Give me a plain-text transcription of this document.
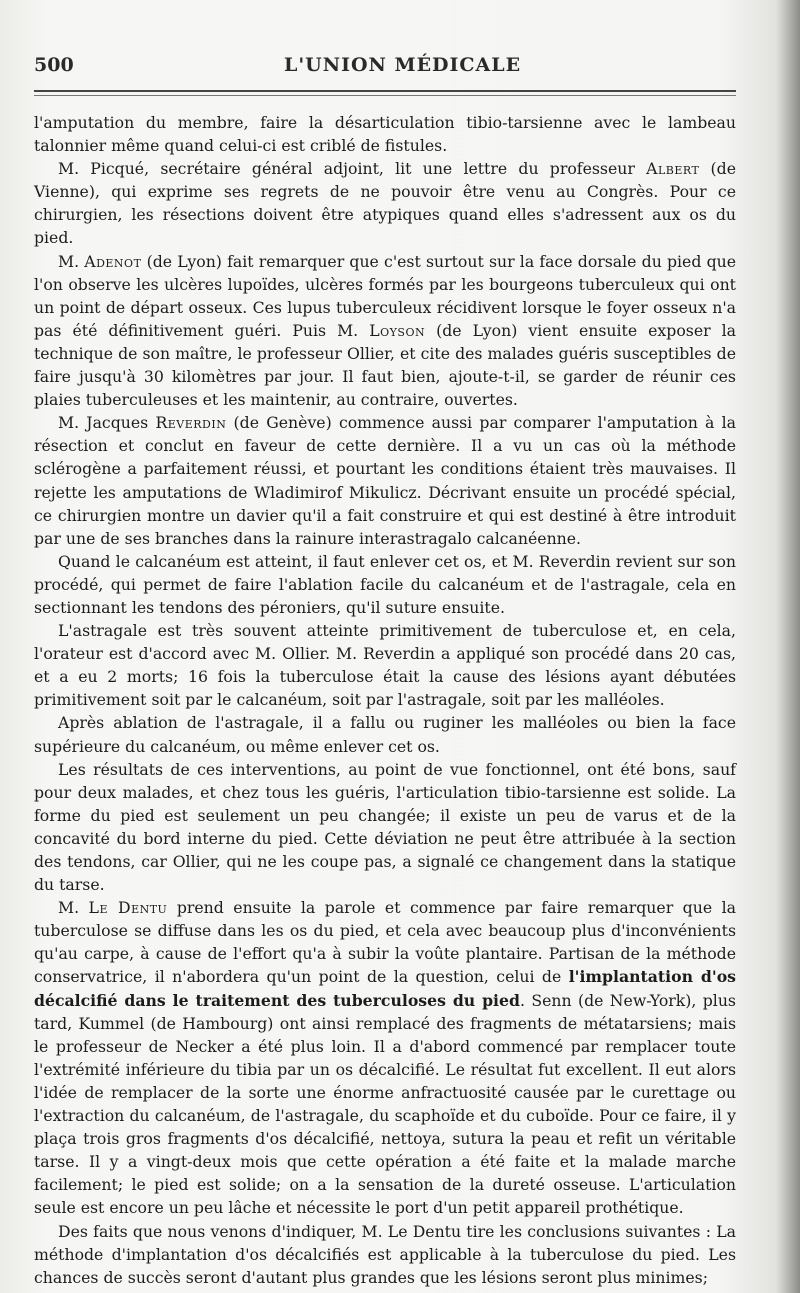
500	L'UNION MÉDICALE

l'amputation du membre, faire la désarticulation tibio-tarsienne avec le lambeau talonnier même quand celui-ci est criblé de fistules.

M. Picqué, secrétaire général adjoint, lit une lettre du professeur Albert (de Vienne), qui exprime ses regrets de ne pouvoir être venu au Congrès. Pour ce chirurgien, les résections doivent être atypiques quand elles s'adressent aux os du pied.

M. Adenot (de Lyon) fait remarquer que c'est surtout sur la face dorsale du pied que l'on observe les ulcères lupoïdes, ulcères formés par les bourgeons tuberculeux qui ont un point de départ osseux. Ces lupus tuberculeux récidivent lorsque le foyer osseux n'a pas été définitivement guéri. Puis M. Loyson (de Lyon) vient ensuite exposer la technique de son maître, le professeur Ollier, et cite des malades guéris susceptibles de faire jusqu'à 30 kilomètres par jour. Il faut bien, ajoute-t-il, se garder de réunir ces plaies tuberculeuses et les maintenir, au contraire, ouvertes.

M. Jacques Reverdin (de Genève) commence aussi par comparer l'amputation à la résection et conclut en faveur de cette dernière. Il a vu un cas où la méthode sclérogène a parfaitement réussi, et pourtant les conditions étaient très mauvaises. Il rejette les amputations de Wladimirof Mikulicz. Décrivant ensuite un procédé spécial, ce chirurgien montre un davier qu'il a fait construire et qui est destiné à être introduit par une de ses branches dans la rainure interastragalo calcanéenne.

Quand le calcanéum est atteint, il faut enlever cet os, et M. Reverdin revient sur son procédé, qui permet de faire l'ablation facile du calcanéum et de l'astragale, cela en sectionnant les tendons des péroniers, qu'il suture ensuite.

L'astragale est très souvent atteinte primitivement de tuberculose et, en cela, l'orateur est d'accord avec M. Ollier. M. Reverdin a appliqué son procédé dans 20 cas, et a eu 2 morts; 16 fois la tuberculose était la cause des lésions ayant débutées primitivement soit par le calcanéum, soit par l'astragale, soit par les malléoles.

Après ablation de l'astragale, il a fallu ou ruginer les malléoles ou bien la face supérieure du calcanéum, ou même enlever cet os.

Les résultats de ces interventions, au point de vue fonctionnel, ont été bons, sauf pour deux malades, et chez tous les guéris, l'articulation tibio-tarsienne est solide. La forme du pied est seulement un peu changée; il existe un peu de varus et de la concavité du bord interne du pied. Cette déviation ne peut être attribuée à la section des tendons, car Ollier, qui ne les coupe pas, a signalé ce changement dans la statique du tarse.

M. Le Dentu prend ensuite la parole et commence par faire remarquer que la tuberculose se diffuse dans les os du pied, et cela avec beaucoup plus d'inconvénients qu'au carpe, à cause de l'effort qu'a à subir la voûte plantaire. Partisan de la méthode conservatrice, il n'abordera qu'un point de la question, celui de l'implantation d'os décalcifié dans le traitement des tuberculoses du pied. Senn (de New-York), plus tard, Kummel (de Hambourg) ont ainsi remplacé des fragments de métatarsiens; mais le professeur de Necker a été plus loin. Il a d'abord commencé par remplacer toute l'extrémité inférieure du tibia par un os décalcifié. Le résultat fut excellent. Il eut alors l'idée de remplacer de la sorte une énorme anfractuosité causée par le curettage ou l'extraction du calcanéum, de l'astragale, du scaphoïde et du cuboïde. Pour ce faire, il y plaça trois gros fragments d'os décalcifié, nettoya, sutura la peau et refit un véritable tarse. Il y a vingt-deux mois que cette opération a été faite et la malade marche facilement; le pied est solide; on a la sensation de la dureté osseuse. L'articulation seule est encore un peu lâche et nécessite le port d'un petit appareil prothétique.

Des faits que nous venons d'indiquer, M. Le Dentu tire les conclusions suivantes : La méthode d'implantation d'os décalcifiés est applicable à la tuberculose du pied. Les chances de succès seront d'autant plus grandes que les lésions seront plus minimes;
